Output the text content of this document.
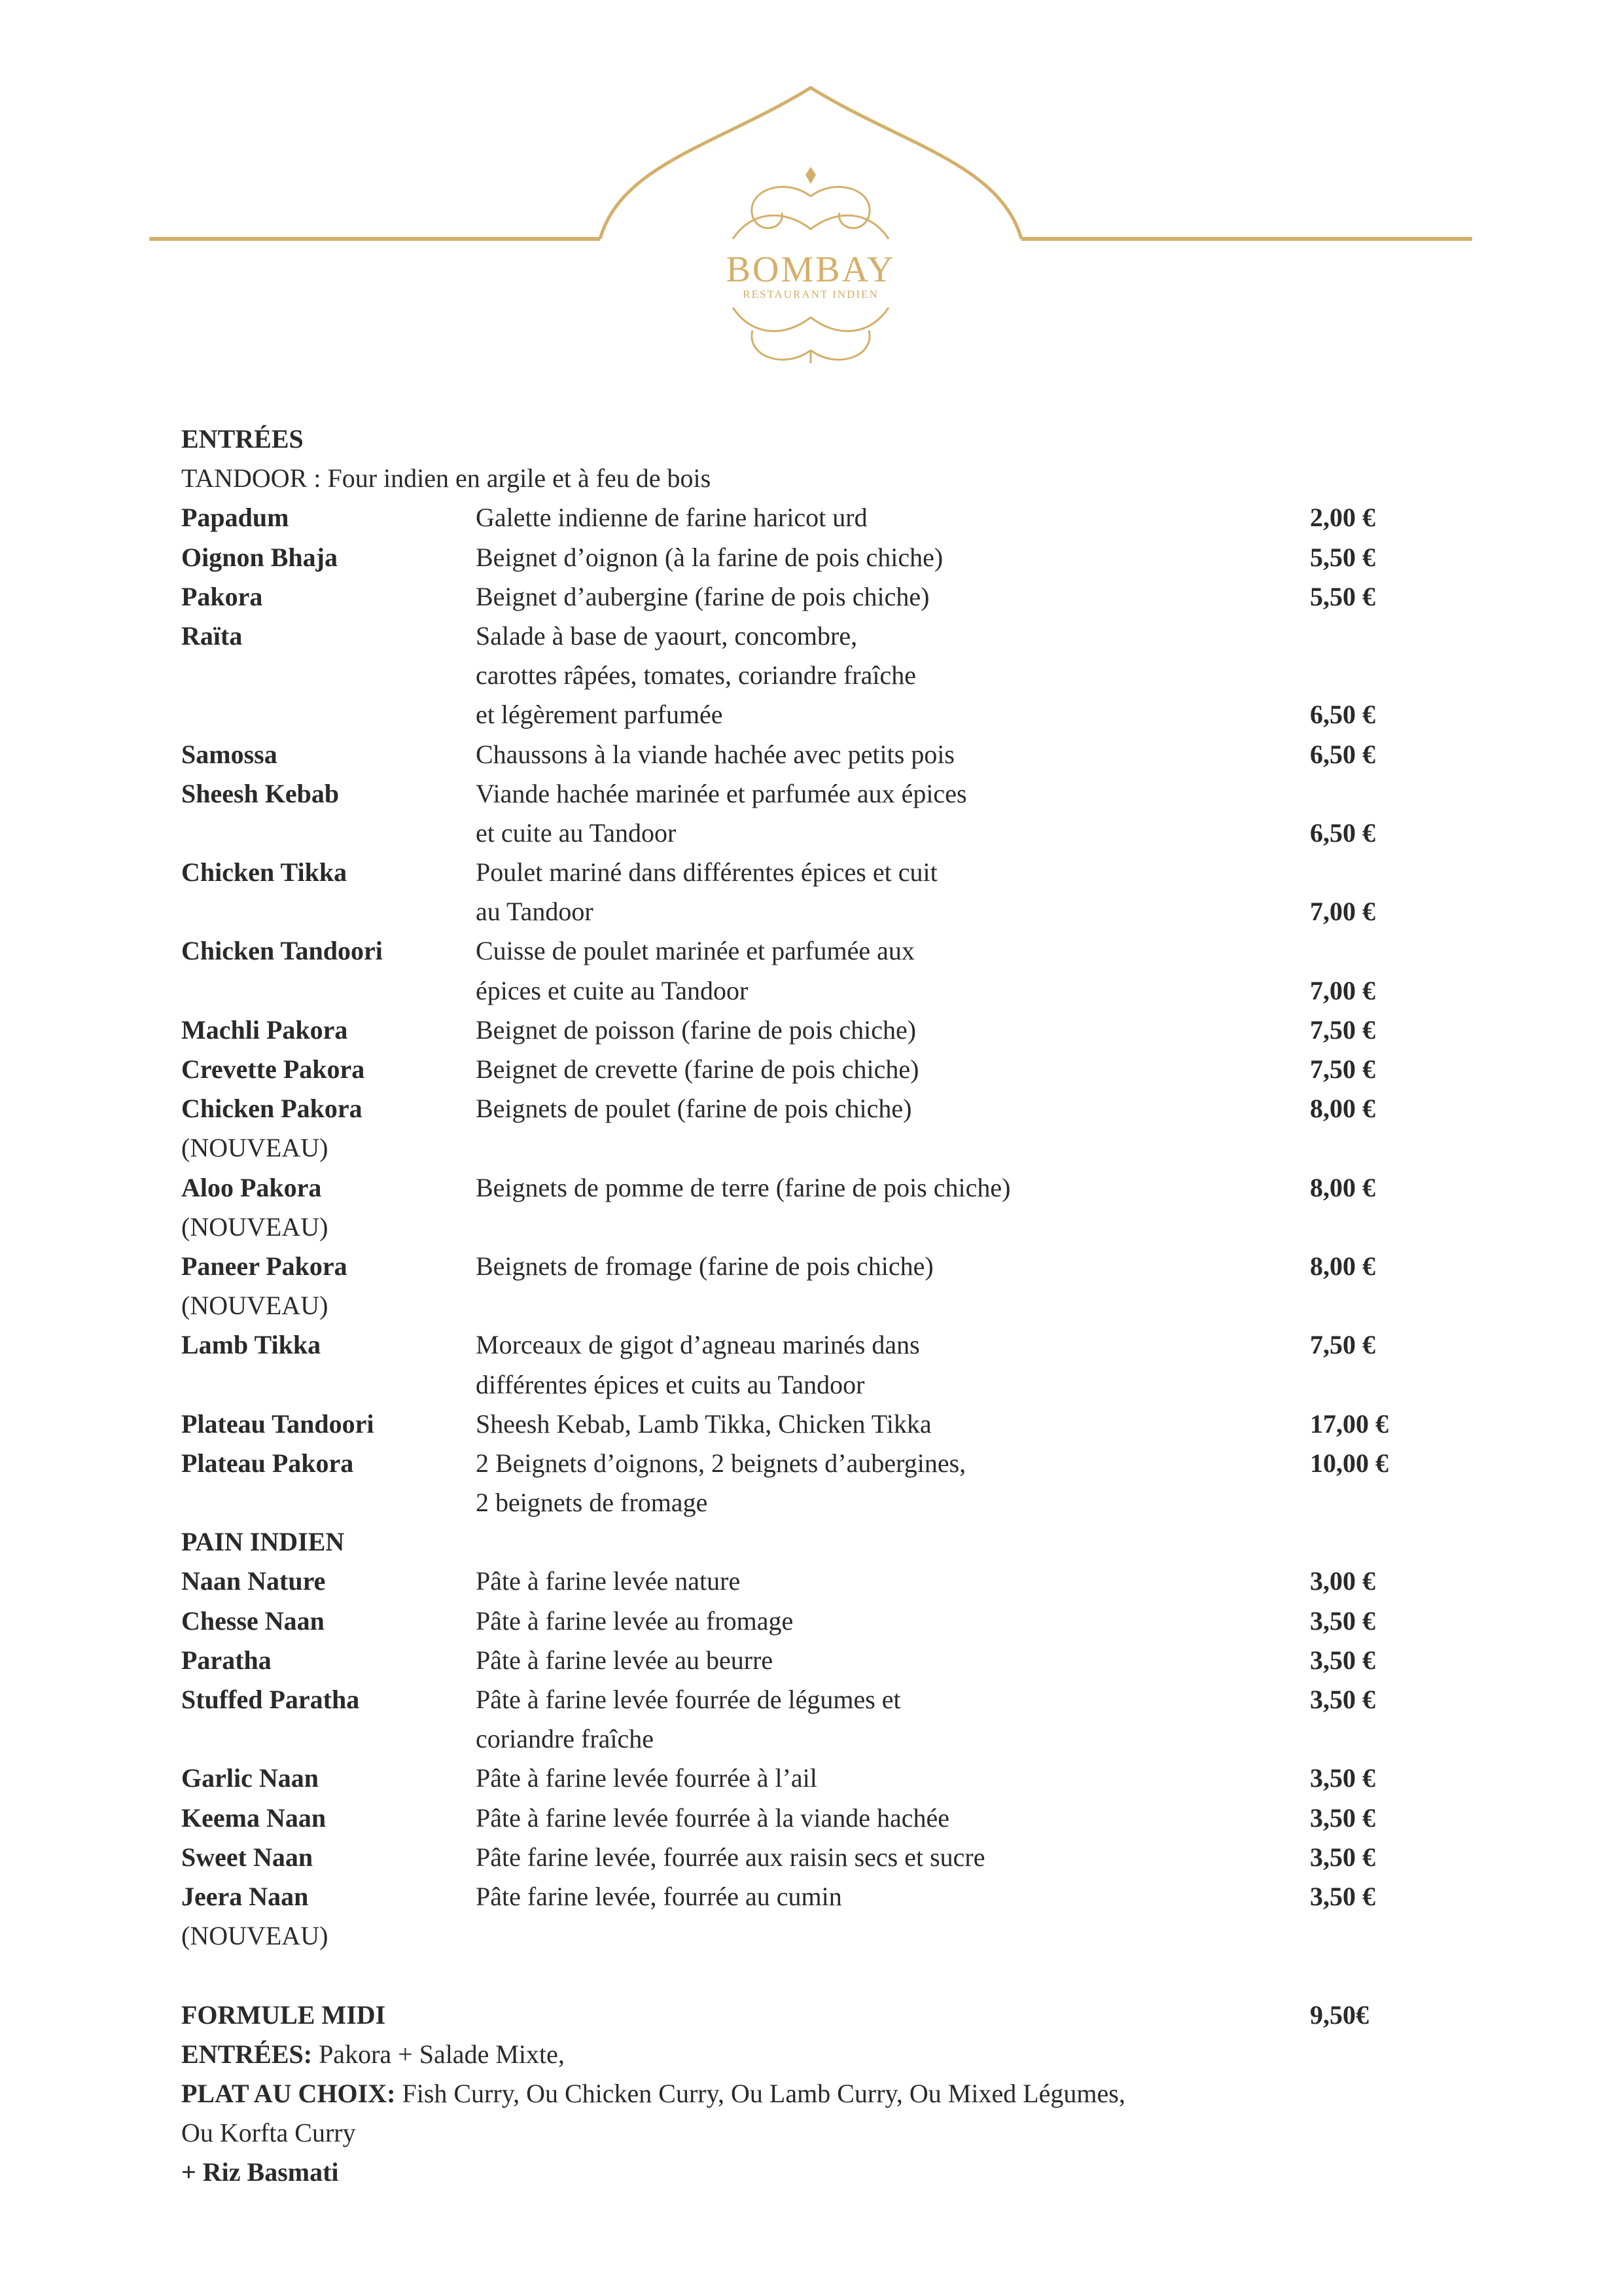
BOMBAY
RESTAURANT INDIEN
ENTRÉES
TANDOOR : Four indien en argile et à feu de bois
Papadum	Galette indienne de farine haricot urd	2,00 €
Oignon Bhaja	Beignet d’oignon (à la farine de pois chiche)	5,50 €
Pakora	Beignet d’aubergine (farine de pois chiche)	5,50 €
Raïta	Salade à base de yaourt, concombre,
carottes râpées, tomates, coriandre fraîche
et légèrement parfumée	6,50 €
Samossa	Chaussons à la viande hachée avec petits pois	6,50 €
Sheesh Kebab	Viande hachée marinée et parfumée aux épices
et cuite au Tandoor	6,50 €
Chicken Tikka	Poulet mariné dans différentes épices et cuit
au Tandoor	7,00 €
Chicken Tandoori	Cuisse de poulet marinée et parfumée aux
épices et cuite au Tandoor	7,00 €
Machli Pakora	Beignet de poisson (farine de pois chiche)	7,50 €
Crevette Pakora	Beignet de crevette (farine de pois chiche)	7,50 €
Chicken Pakora	Beignets de poulet (farine de pois chiche)	8,00 €
(NOUVEAU)
Aloo Pakora	Beignets de pomme de terre (farine de pois chiche)	8,00 €
(NOUVEAU)
Paneer Pakora	Beignets de fromage (farine de pois chiche)	8,00 €
(NOUVEAU)
Lamb Tikka	Morceaux de gigot d’agneau marinés dans	7,50 €
différentes épices et cuits au Tandoor
Plateau Tandoori	Sheesh Kebab, Lamb Tikka, Chicken Tikka	17,00 €
Plateau Pakora	2 Beignets d’oignons, 2 beignets d’aubergines,	10,00 €
2 beignets de fromage
PAIN INDIEN
Naan Nature	Pâte à farine levée nature	3,00 €
Chesse Naan	Pâte à farine levée au fromage	3,50 €
Paratha	Pâte à farine levée au beurre	3,50 €
Stuffed Paratha	Pâte à farine levée fourrée de légumes et	3,50 €
coriandre fraîche
Garlic Naan	Pâte à farine levée fourrée à l’ail	3,50 €
Keema Naan	Pâte à farine levée fourrée à la viande hachée	3,50 €
Sweet Naan	Pâte farine levée, fourrée aux raisin secs et sucre	3,50 €
Jeera Naan	Pâte farine levée, fourrée au cumin	3,50 €
(NOUVEAU)
FORMULE MIDI	9,50€
ENTRÉES: Pakora + Salade Mixte,
PLAT AU CHOIX: Fish Curry, Ou Chicken Curry, Ou Lamb Curry, Ou Mixed Légumes,
Ou Korfta Curry
+ Riz Basmati
